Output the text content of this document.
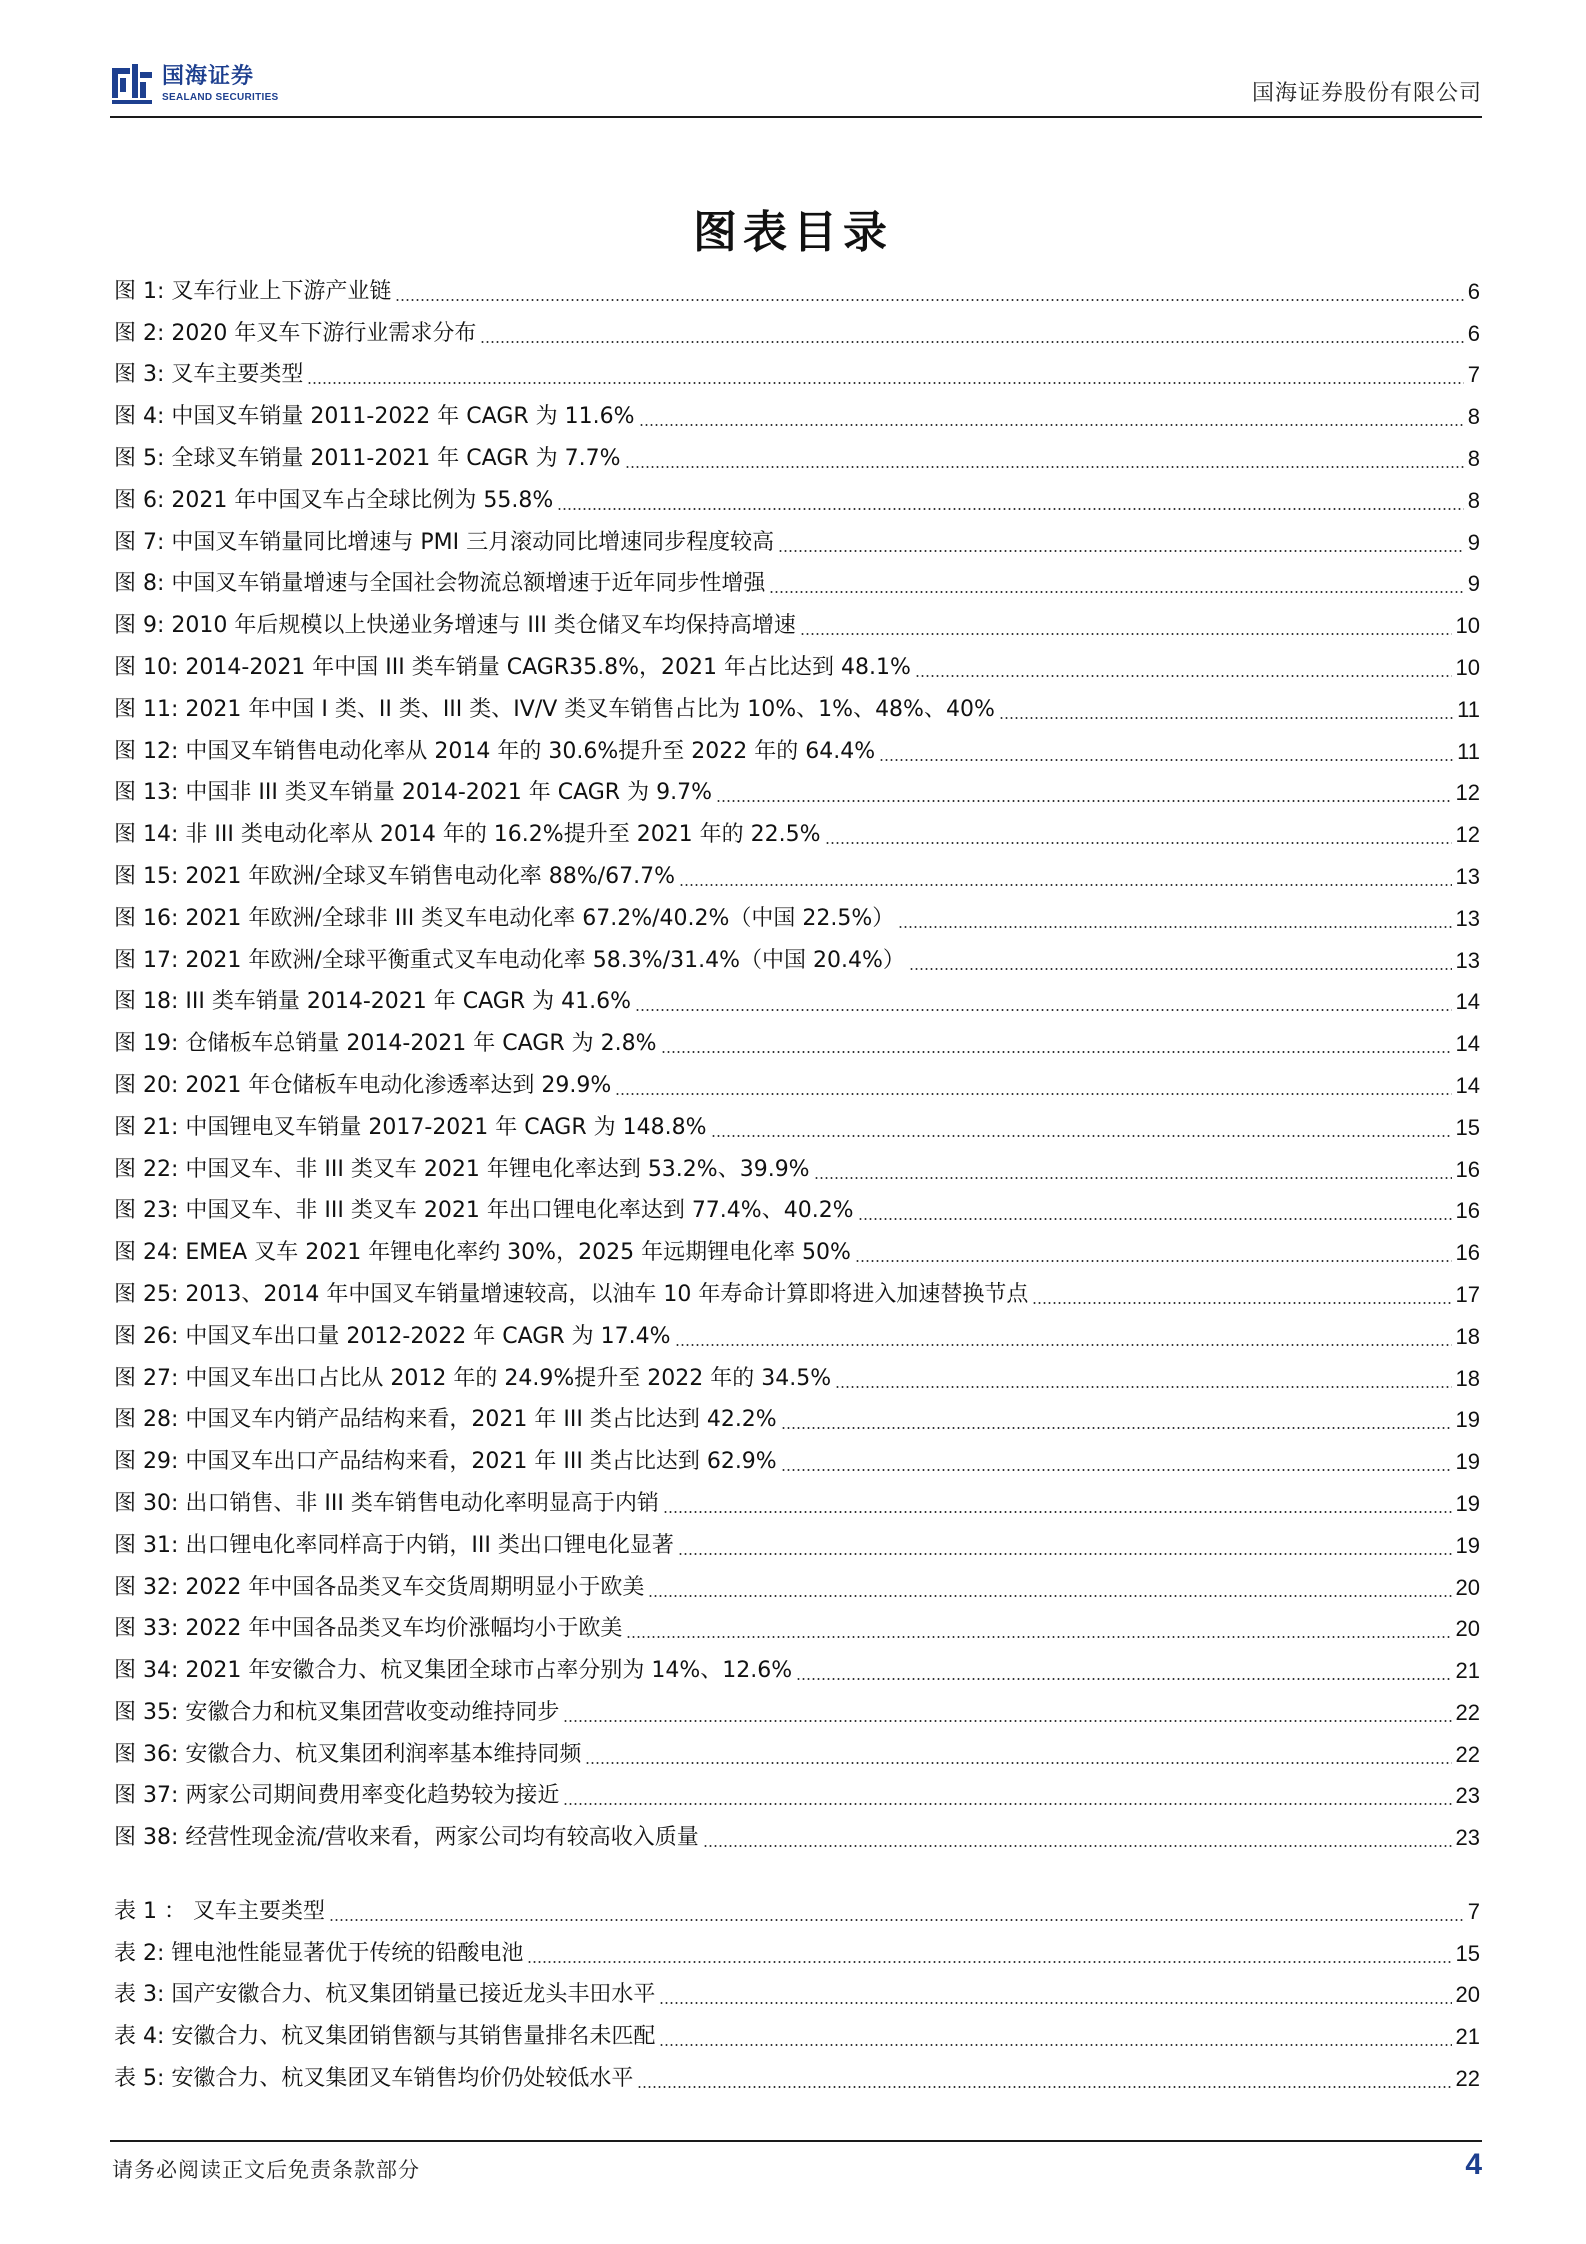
国海证券
SEALAND SECURITIES	国海证券股份有限公司
图表目录
图 1: 叉车行业上下游产业链	6
图 2: 2020 年叉车下游行业需求分布	6
图 3: 叉车主要类型	7
图 4: 中国叉车销量 2011-2022 年 CAGR 为 11.6%	8
图 5: 全球叉车销量 2011-2021 年 CAGR 为 7.7%	8
图 6: 2021 年中国叉车占全球比例为 55.8%	8
图 7: 中国叉车销量同比增速与 PMI 三月滚动同比增速同步程度较高	9
图 8: 中国叉车销量增速与全国社会物流总额增速于近年同步性增强	9
图 9: 2010 年后规模以上快递业务增速与 III 类仓储叉车均保持高增速	10
图 10: 2014-2021 年中国 III 类车销量 CAGR35.8%，2021 年占比达到 48.1%	10
图 11: 2021 年中国 I 类、II 类、III 类、IV/V 类叉车销售占比为 10%、1%、48%、40%	11
图 12: 中国叉车销售电动化率从 2014 年的 30.6%提升至 2022 年的 64.4%	11
图 13: 中国非 III 类叉车销量 2014-2021 年 CAGR 为 9.7%	12
图 14: 非 III 类电动化率从 2014 年的 16.2%提升至 2021 年的 22.5%	12
图 15: 2021 年欧洲/全球叉车销售电动化率 88%/67.7%	13
图 16: 2021 年欧洲/全球非 III 类叉车电动化率 67.2%/40.2%（中国 22.5%）	13
图 17: 2021 年欧洲/全球平衡重式叉车电动化率 58.3%/31.4%（中国 20.4%）	13
图 18: III 类车销量 2014-2021 年 CAGR 为 41.6%	14
图 19: 仓储板车总销量 2014-2021 年 CAGR 为 2.8%	14
图 20: 2021 年仓储板车电动化渗透率达到 29.9%	14
图 21: 中国锂电叉车销量 2017-2021 年 CAGR 为 148.8%	15
图 22: 中国叉车、非 III 类叉车 2021 年锂电化率达到 53.2%、39.9%	16
图 23: 中国叉车、非 III 类叉车 2021 年出口锂电化率达到 77.4%、40.2%	16
图 24: EMEA 叉车 2021 年锂电化率约 30%，2025 年远期锂电化率 50%	16
图 25: 2013、2014 年中国叉车销量增速较高，以油车 10 年寿命计算即将进入加速替换节点	17
图 26: 中国叉车出口量 2012-2022 年 CAGR 为 17.4%	18
图 27: 中国叉车出口占比从 2012 年的 24.9%提升至 2022 年的 34.5%	18
图 28: 中国叉车内销产品结构来看，2021 年 III 类占比达到 42.2%	19
图 29: 中国叉车出口产品结构来看，2021 年 III 类占比达到 62.9%	19
图 30: 出口销售、非 III 类车销售电动化率明显高于内销	19
图 31: 出口锂电化率同样高于内销，III 类出口锂电化显著	19
图 32: 2022 年中国各品类叉车交货周期明显小于欧美	20
图 33: 2022 年中国各品类叉车均价涨幅均小于欧美	20
图 34: 2021 年安徽合力、杭叉集团全球市占率分别为 14%、12.6%	21
图 35: 安徽合力和杭叉集团营收变动维持同步	22
图 36: 安徽合力、杭叉集团利润率基本维持同频	22
图 37: 两家公司期间费用率变化趋势较为接近	23
图 38: 经营性现金流/营收来看，两家公司均有较高收入质量	23
表 1 ： 叉车主要类型	7
表 2: 锂电池性能显著优于传统的铅酸电池	15
表 3: 国产安徽合力、杭叉集团销量已接近龙头丰田水平	20
表 4: 安徽合力、杭叉集团销售额与其销售量排名未匹配	21
表 5: 安徽合力、杭叉集团叉车销售均价仍处较低水平	22
请务必阅读正文后免责条款部分	4
